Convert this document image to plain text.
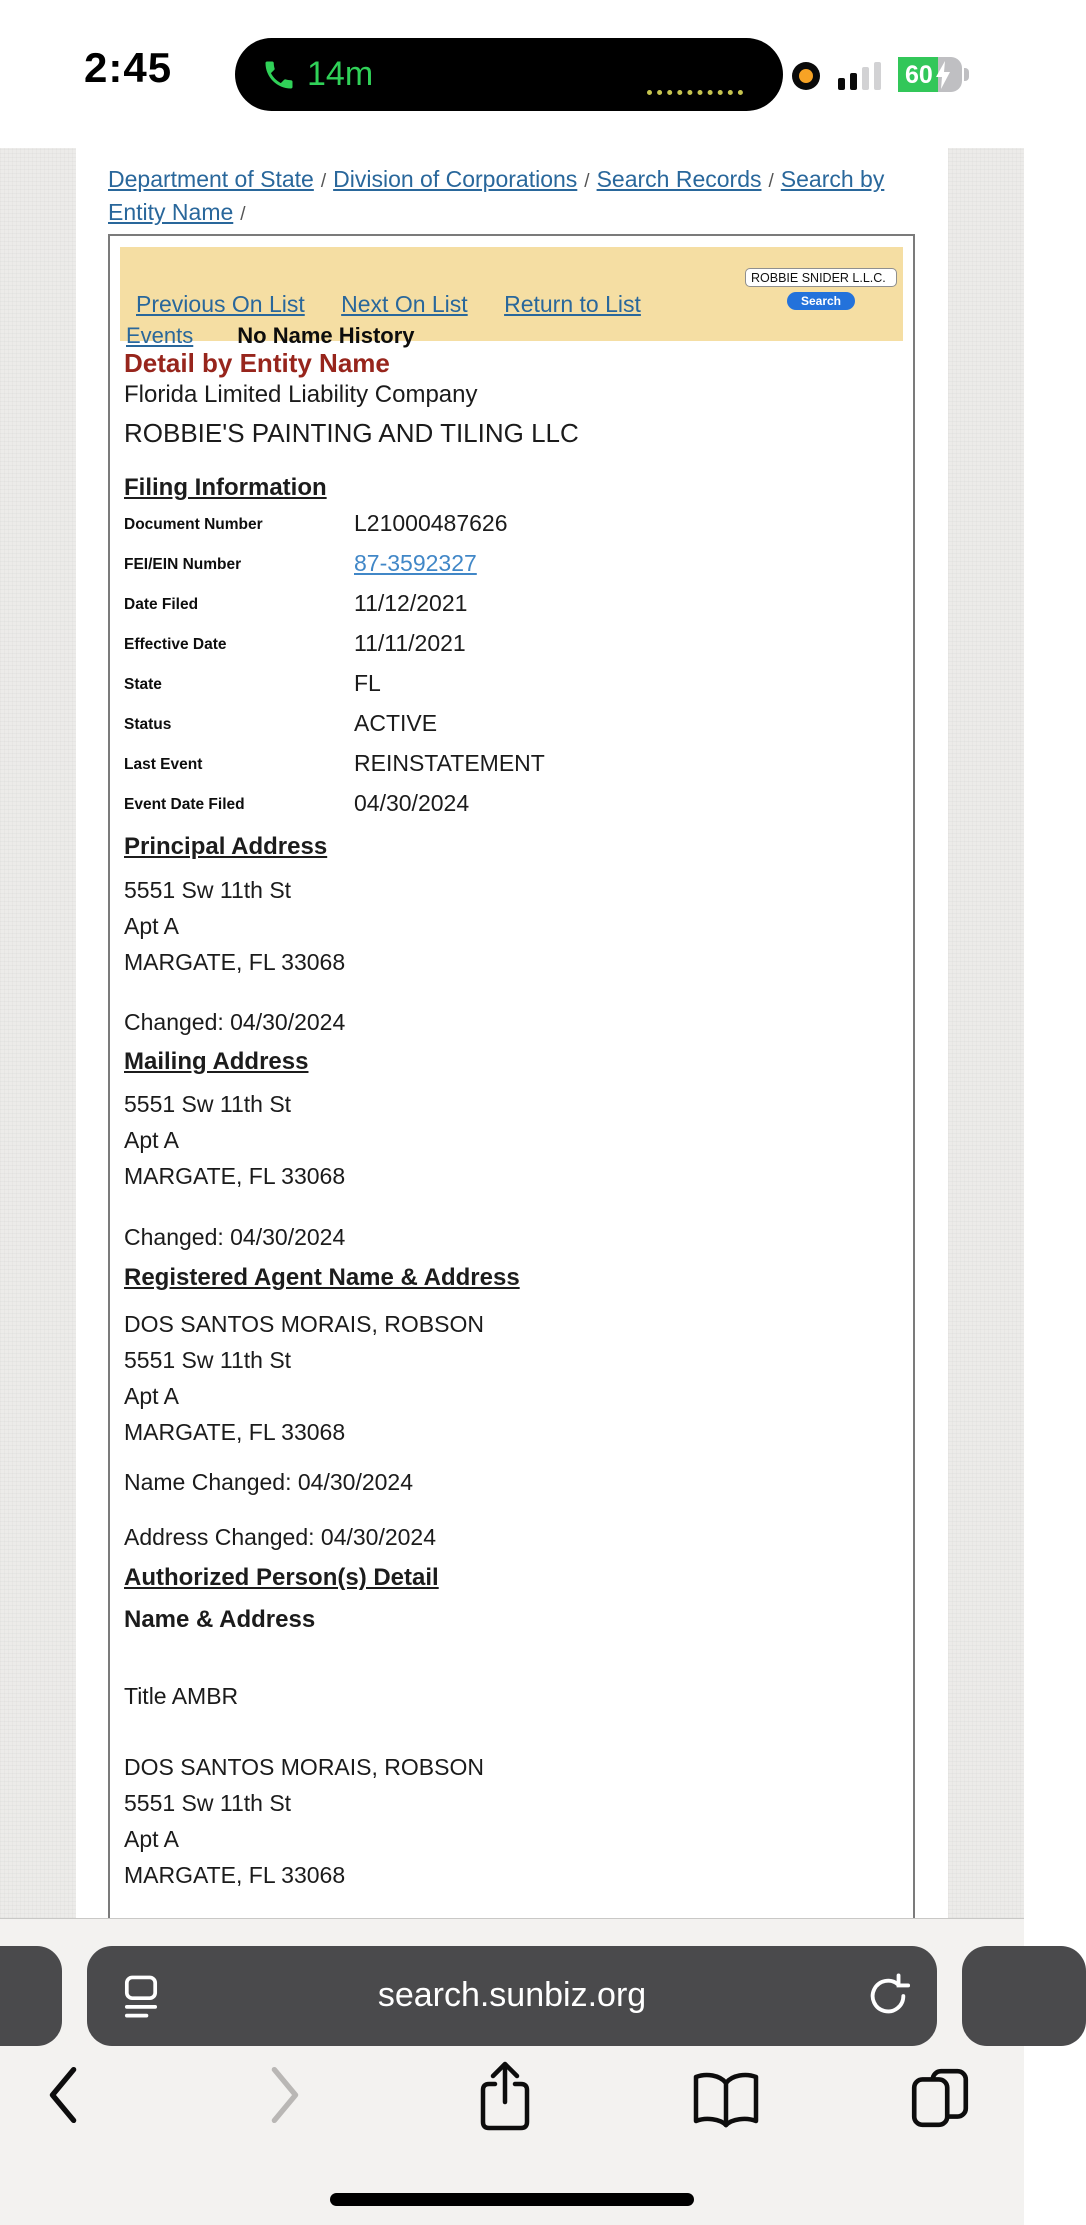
2:45	14m	60
Department of State / Division of Corporations / Search Records / Search by Entity Name /
Previous On List Next On List Return to List
ROBBIE SNIDER L.L.C.	Search
Events No Name History
Detail by Entity Name

Florida Limited Liability Company

ROBBIE'S PAINTING AND TILING LLC

Filing Information
Document Number	L21000487626
FEI/EIN Number	87-3592327
Date Filed	11/12/2021
Effective Date	11/11/2021
State	FL
Status	ACTIVE
Last Event	REINSTATEMENT
Event Date Filed	04/30/2024
Principal Address

5551 Sw 11th St

Apt A

MARGATE, FL 33068

Changed: 04/30/2024

Mailing Address

5551 Sw 11th St

Apt A

MARGATE, FL 33068

Changed: 04/30/2024

Registered Agent Name & Address

DOS SANTOS MORAIS, ROBSON

5551 Sw 11th St

Apt A

MARGATE, FL 33068

Name Changed: 04/30/2024

Address Changed: 04/30/2024

Authorized Person(s) Detail

Name & Address

Title AMBR

DOS SANTOS MORAIS, ROBSON

5551 Sw 11th St

Apt A

MARGATE, FL 33068

search.sunbiz.org
